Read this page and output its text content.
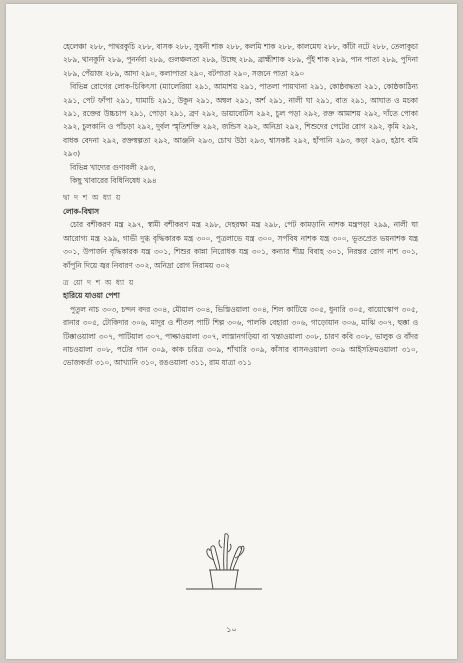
হেলেঞ্চা ২৮৮, পাথরকুচি ২৮৮, বাসক ২৮৮, সুষনী শাক ২৮৮, কলমি শাক ২৮৮, কালমেঘ ২৮৮, কাঁটা নটে ২৮৮, তেলাকুচা ২৮৯, থানকুনি ২৮৯, পুনর্নবা ২৮৯, গুলঞ্চলতা ২৮৯, উচ্ছে ২৮৯, ব্রাহ্মীশাক ২৮৯, পুঁই শাক ২৮৯, পান পাতা ২৮৯, পুদিনা ২৮৯, পেঁয়াজ ২৮৯, আদা ২৯০, কলাপাতা ২৯০, বটপাতা ২৯০, সজনে পাতা ২৯০

বিভিন্ন রোগের লোক-চিকিৎসা (ম্যালেরিয়া ২৯১, আমাশয় ২৯১, পাতলা পায়খানা ২৯১, কোষ্ঠবদ্ধতা ২৯১, কোষ্ঠকাঠিন্য ২৯১, পেট ফাঁপা ২৯১, ঘামাচি ২৯১, উকুন ২৯১, অম্বল ২৯১, অর্শ ২৯১, নালী ঘা ২৯১, বাত ২৯১, আঘাত ও মচকা ২৯১, রক্তের উচ্চচাপ ২৯১, পোড়া ২৯১, ব্রণ ২৯২, ডায়াবেটিস ২৯২, চুল পড়া ২৯২, রক্ত আমাশয় ২৯২, দাঁতে পোকা ২৯২, চুলকানি ও পাঁচড়া ২৯২, দুর্বল স্মৃতিশক্তি ২৯২, জন্ডিস ২৯২, অনিদ্রা ২৯২, শিশুদের পেটের রোগ ২৯২, কৃমি ২৯২, বাধক বেদনা ২৯২, রক্তস্বল্পতা ২৯২, আঞ্জনি ২৯৩, চোখ উঠা ২৯৩, শ্বাসকষ্ট ২৯২, হাঁপানি ২৯৩, কড়া ২৯৩, হঠাৎ বমি ২৯৩)

বিভিন্ন খাদ্যের গুণাবলী ২৯৩,

কিছু খাবারের বিধিনিষেধ ২৯৪

দ্বা দ শ অ ধ্যা য়

লোক-বিশ্বাস

চোর বশীকরণ মন্ত্র ২৯৭, স্বামী বশীকরণ মন্ত্র ২৯৮, দেহরক্ষা মন্ত্র ২৯৮, পেট কামড়ানি নাশক মন্ত্রপড়া ২৯৯, নালী ঘা আরোগ্য মন্ত্র ২৯৯, গাভী দুগ্ধ বৃদ্ধিকারক মন্ত্র ৩০০, পুত্রলাভে যন্ত্র ৩০০, সর্পবিষ নাশক যন্ত্র ৩০০, ভূতপ্রেত ভয়নাশক যন্ত্র ৩০১, উপার্জন বৃদ্ধিকারক যন্ত্র ৩০১, শিশুর কান্না নিরোধক যন্ত্র ৩০১, কন্যার শীঘ্র বিবাহ ৩০১, নিরন্তর রোগ নাশ ৩০১, কাঁপুনি দিয়ে জ্বর নিবারণ ৩০২, অনিদ্রা রোগ নিরাময় ৩০২

ত্র য়ো দ শ অ ধ্যা য়

হারিয়ে যাওয়া পেশা

পুতুল নাচ ৩০৩, চন্দন বদর ৩০৪, মৌয়াল ৩০৪, ভিস্তিওয়ালা ৩০৪, শিল কাটিয়ে ৩০৫, ধুনারি ৩০৫, বায়োস্কোপ ৩০৫, রানার ৩০৫, টোকিদার ৩০৬, মাদুর ও শীতল পাটি শিল্প ৩০৬, পালকি বেহারা ৩০৬, গাড়োয়ান ৩০৬, মাঝি ৩০৭, হুক্কা ও টিক্কাওয়ালা ৩০৭, পাটিয়াল ৩০৭, পাল্কাওয়ালা ৩০৭, লাস্তানগড়িয়া বা খন্তাওয়ালা ৩০৮, চারণ কবি ৩০৮, ভালুক ও বাঁদর নাচওয়ালা ৩০৮, পটের গান ৩০৯, কাক চরিত্র ৩০৯, শাঁখারি ৩০৯, কাঁসার বাসনওয়ালা ৩০৯ আইসক্রিমওয়ালা ৩১০, ভোজকর্তা ৩১০, আখ্যানি ৩১০, রঙওয়ালা ৩১১, রাম যাত্রা ৩১১

১০
